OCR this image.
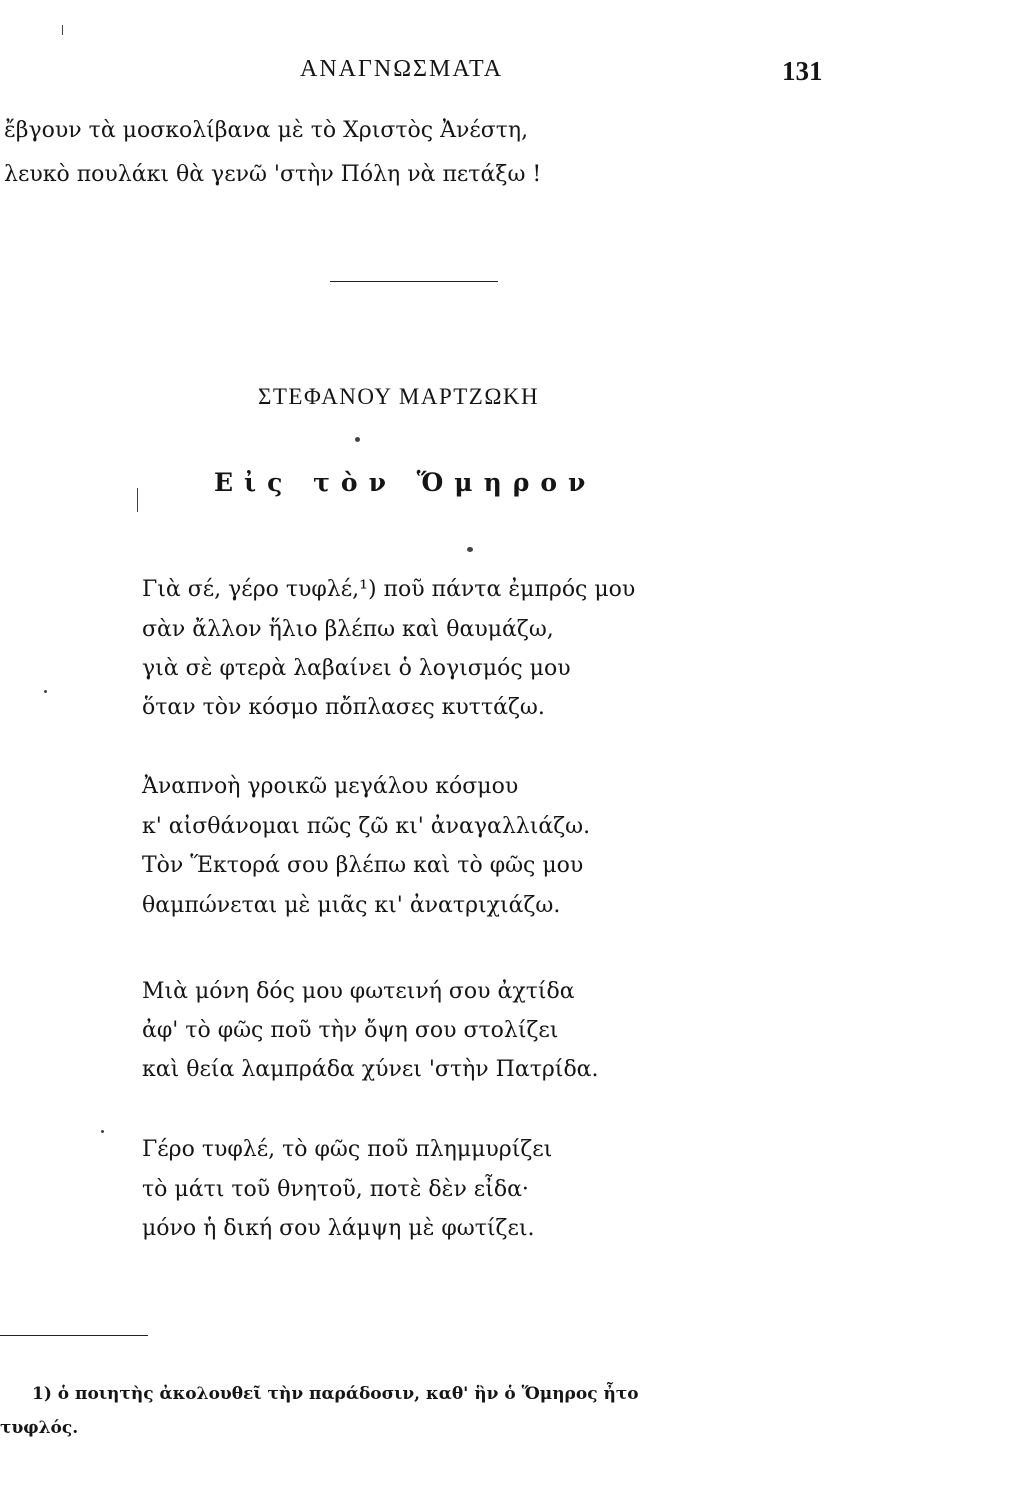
ΑΝΑΓΝΩΣΜΑΤΑ	131
ἔβγουν τὰ μοσκολίβανα μὲ τὸ Χριστὸς Ἀνέστη,
λευκὸ πουλάκι θὰ γενῶ 'στὴν Πόλη νὰ πετάξω !
ΣΤΕΦΑΝΟΥ ΜΑΡΤΖΩΚΗ
Εἰς τὸν Ὅμηρον
Γιὰ σέ, γέρο τυφλέ,¹) ποῦ πάντα ἐμπρός μου
σὰν ἄλλον ἥλιο βλέπω καὶ θαυμάζω,
γιὰ σὲ φτερὰ λαβαίνει ὁ λογισμός μου
ὅταν τὸν κόσμο πὄπλασες κυττάζω.
Ἀναπνοὴ γροικῶ μεγάλου κόσμου
κ' αἰσθάνομαι πῶς ζῶ κι' ἀναγαλλιάζω.
Τὸν Ἕκτορά σου βλέπω καὶ τὸ φῶς μου
θαμπώνεται μὲ μιᾶς κι' ἀνατριχιάζω.
Μιὰ μόνη δός μου φωτεινή σου ἀχτίδα
ἀφ' τὸ φῶς ποῦ τὴν ὄψη σου στολίζει
καὶ θεία λαμπράδα χύνει 'στὴν Πατρίδα.
Γέρο τυφλέ, τὸ φῶς ποῦ πλημμυρίζει
τὸ μάτι τοῦ θνητοῦ, ποτὲ δὲν εἶδα·
μόνο ἡ δική σου λάμψη μὲ φωτίζει.
1) ὁ ποιητὴς ἀκολουθεῖ τὴν παράδοσιν, καθ' ἣν ὁ Ὅμηρος ἦτο
τυφλός.
